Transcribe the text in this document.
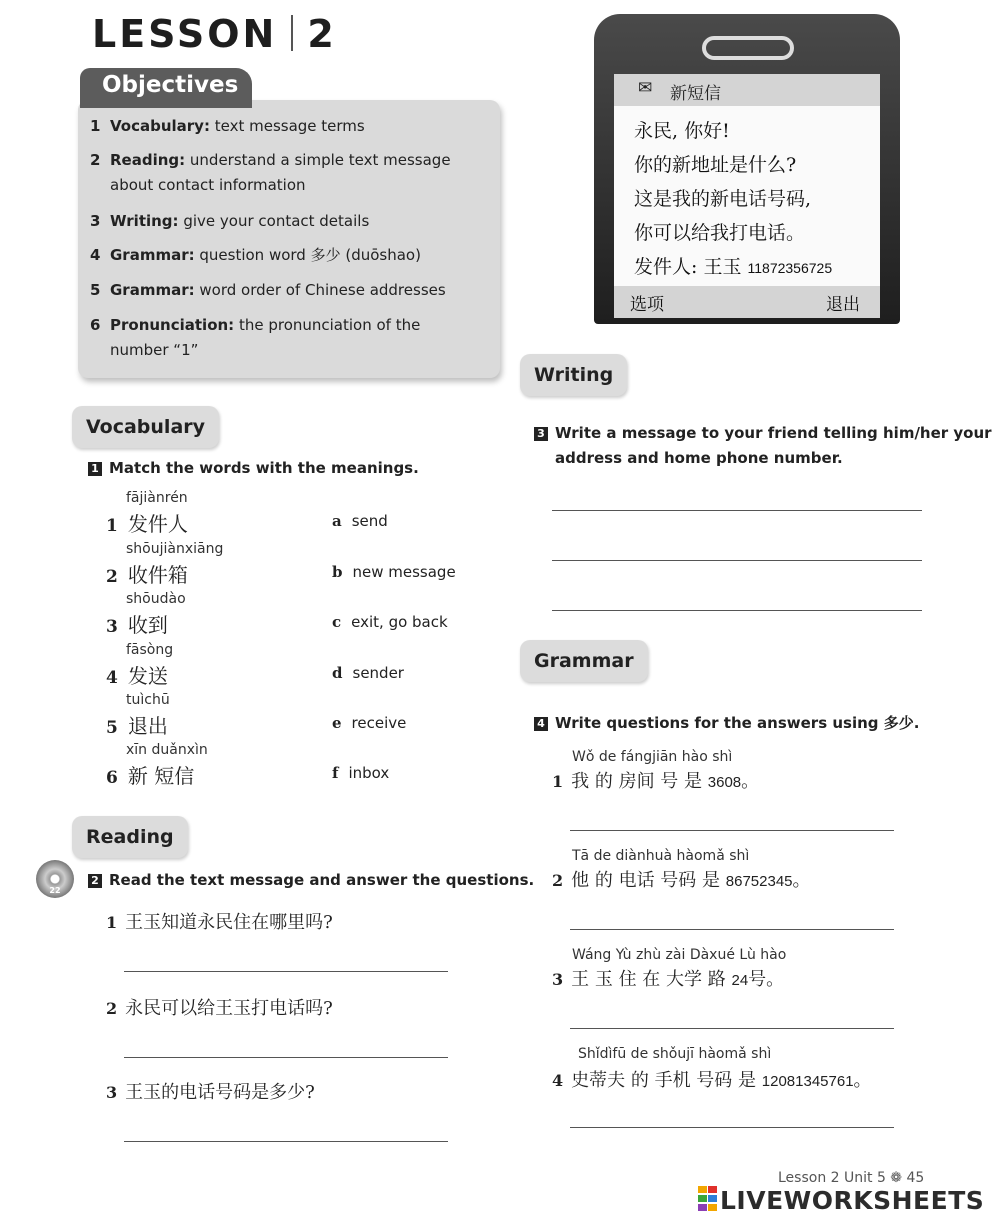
LESSON 2
Objectives
1 Vocabulary: text message terms
2 Reading: understand a simple text message
about contact information
3 Writing: give your contact details
4 Grammar: question word 多少 (duōshao)
5 Grammar: word order of Chinese addresses
6 Pronunciation: the pronunciation of the
number “1”
Vocabulary
1 Match the words with the meanings.
fājiànrén
1 发件人	a send
shōujiànxiāng
2 收件箱	b new message
shōudào
3 收到	c exit, go back
fāsòng
4 发送	d sender
tuìchū
5 退出	e receive
xīn duǎnxìn
6 新 短信	f inbox
Reading
22
2 Read the text message and answer the questions.
1 王玉知道永民住在哪里吗?
2 永民可以给王玉打电话吗?
3 王玉的电话号码是多少?
✉ 新短信
永民, 你好!
你的新地址是什么?
这是我的新电话号码,
你可以给我打电话。
发件人: 王玉 11872356725
选项	退出
Writing
3 Write a message to your friend telling him/her your
address and home phone number.
Grammar
4 Write questions for the answers using 多少.
Wǒ de fángjiān hào shì
1 我 的 房间 号 是 3608。
Tā de diànhuà hàomǎ shì
2 他 的 电话 号码 是 86752345。
Wáng Yù zhù zài Dàxué Lù hào
3 王 玉 住 在 大学 路 24号。
Shǐdìfū de shǒujī hàomǎ shì
4 史蒂夫 的 手机 号码 是 12081345761。
Lesson 2 Unit 5 ❁ 45
LIVEWORKSHEETS
